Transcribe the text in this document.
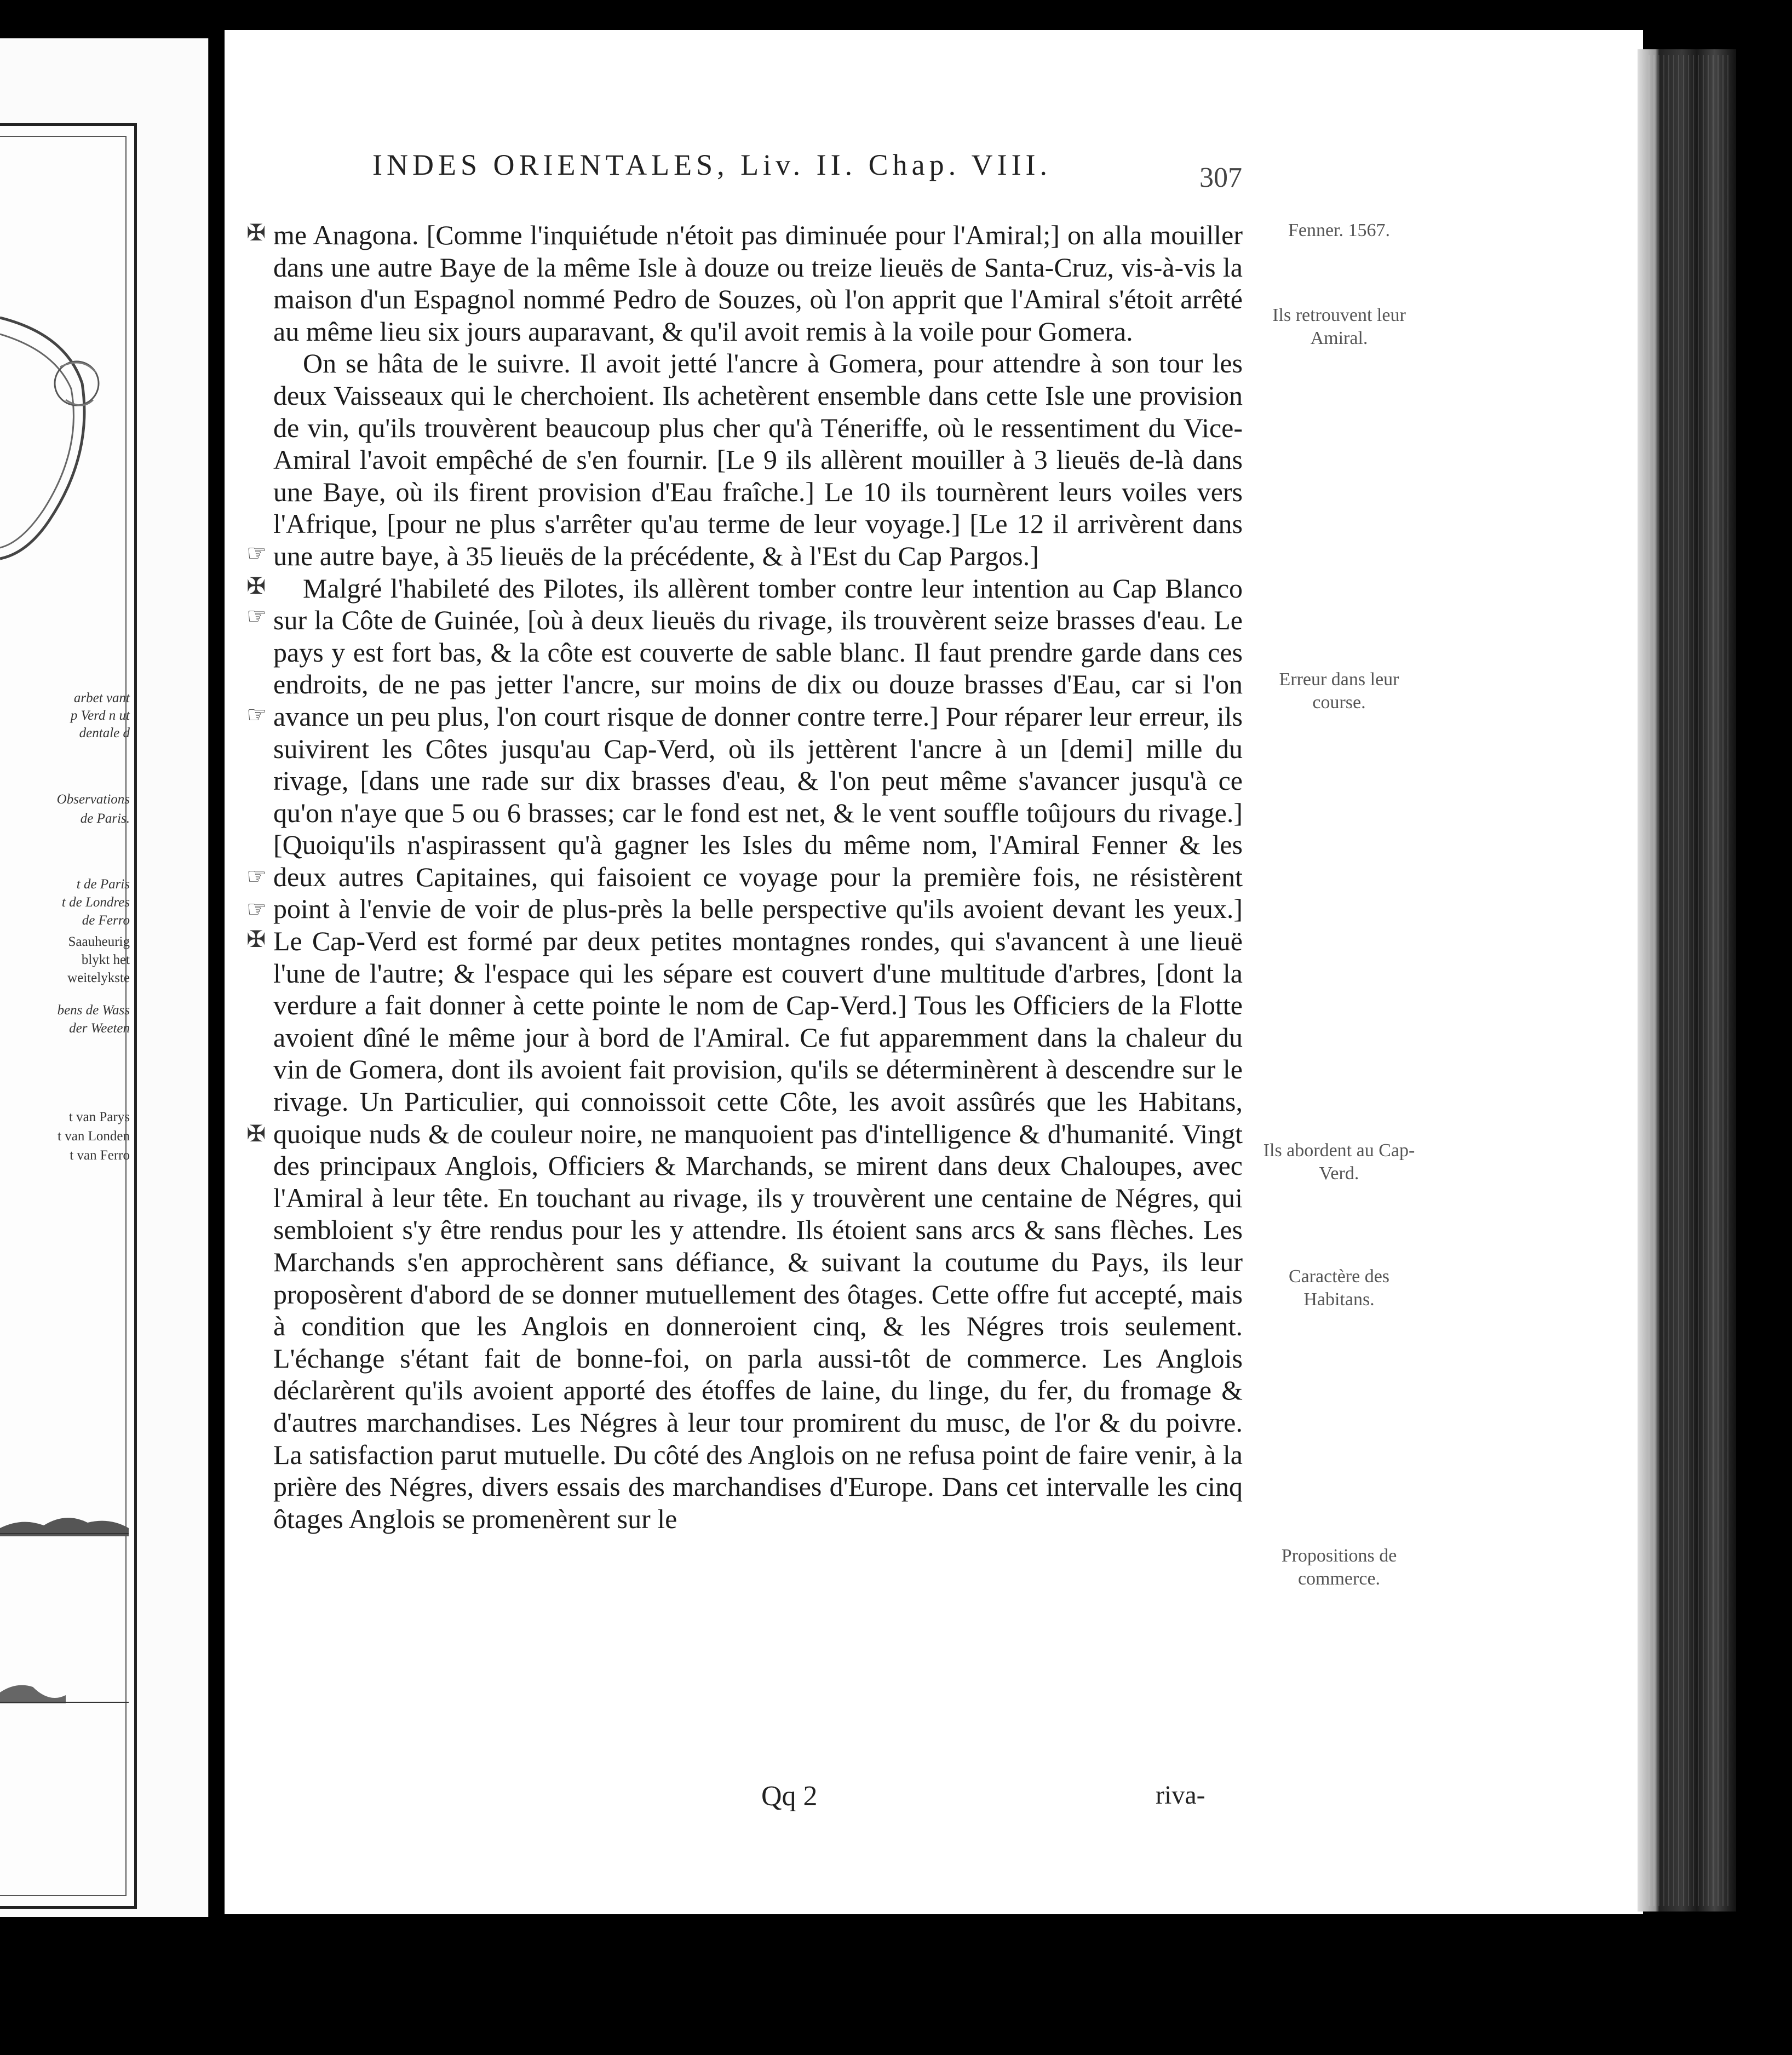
arbet vant
p Verd n ut
dentale d
Observations
de Paris.
t de Paris
t de Londres
de Ferro
Saauheurig
blykt het
weitelykste
bens de Wass
der Weeten
t van Parys
t van Londen
t van Ferro
INDES ORIENTALES, Liv. II. Chap. VIII.	307
✠
☞
✠
☞
☞
☞
☞
✠
✠

me Anagona. [Comme l'inquiétude n'étoit pas diminuée pour l'Amiral;] on alla mouiller dans une autre Baye de la même Isle à douze ou treize lieuës de Santa-Cruz, vis-à-vis la maison d'un Espagnol nommé Pedro de Souzes, où l'on apprit que l'Amiral s'étoit arrêté au même lieu six jours auparavant, & qu'il avoit remis à la voile pour Gomera.

On se hâta de le suivre. Il avoit jetté l'ancre à Gomera, pour attendre à son tour les deux Vaisseaux qui le cherchoient. Ils achetèrent ensemble dans cette Isle une provision de vin, qu'ils trouvèrent beaucoup plus cher qu'à Téneriffe, où le ressentiment du Vice-Amiral l'avoit empêché de s'en fournir. [Le 9 ils allèrent mouiller à 3 lieuës de-là dans une Baye, où ils firent provision d'Eau fraîche.] Le 10 ils tournèrent leurs voiles vers l'Afrique, [pour ne plus s'arrêter qu'au terme de leur voyage.] [Le 12 il arrivèrent dans une autre baye, à 35 lieuës de la précédente, & à l'Est du Cap Pargos.]

Malgré l'habileté des Pilotes, ils allèrent tomber contre leur intention au Cap Blanco sur la Côte de Guinée, [où à deux lieuës du rivage, ils trouvèrent seize brasses d'eau. Le pays y est fort bas, & la côte est couverte de sable blanc. Il faut prendre garde dans ces endroits, de ne pas jetter l'ancre, sur moins de dix ou douze brasses d'Eau, car si l'on avance un peu plus, l'on court risque de donner contre terre.] Pour réparer leur erreur, ils suivirent les Côtes jusqu'au Cap-Verd, où ils jettèrent l'ancre à un [demi] mille du rivage, [dans une rade sur dix brasses d'eau, & l'on peut même s'avancer jusqu'à ce qu'on n'aye que 5 ou 6 brasses; car le fond est net, & le vent souffle toûjours du rivage.] [Quoiqu'ils n'aspirassent qu'à gagner les Isles du même nom, l'Amiral Fenner & les deux autres Capitaines, qui faisoient ce voyage pour la première fois, ne résistèrent point à l'envie de voir de plus-près la belle perspective qu'ils avoient devant les yeux.] Le Cap-Verd est formé par deux petites montagnes rondes, qui s'avancent à une lieuë l'une de l'autre; & l'espace qui les sépare est couvert d'une multitude d'arbres, [dont la verdure a fait donner à cette pointe le nom de Cap-Verd.] Tous les Officiers de la Flotte avoient dîné le même jour à bord de l'Amiral. Ce fut apparemment dans la chaleur du vin de Gomera, dont ils avoient fait provision, qu'ils se déterminèrent à descendre sur le rivage. Un Particulier, qui connoissoit cette Côte, les avoit assûrés que les Habitans, quoique nuds & de couleur noire, ne manquoient pas d'intelligence & d'humanité. Vingt des principaux Anglois, Officiers & Marchands, se mirent dans deux Chaloupes, avec l'Amiral à leur tête. En touchant au rivage, ils y trouvèrent une centaine de Négres, qui sembloient s'y être rendus pour les y attendre. Ils étoient sans arcs & sans flèches. Les Marchands s'en approchèrent sans défiance, & suivant la coutume du Pays, ils leur proposèrent d'abord de se donner mutuellement des ôtages. Cette offre fut accepté, mais à condition que les Anglois en donneroient cinq, & les Négres trois seulement. L'échange s'étant fait de bonne-foi, on parla aussi-tôt de commerce. Les Anglois déclarèrent qu'ils avoient apporté des étoffes de laine, du linge, du fer, du fromage & d'autres marchandises. Les Négres à leur tour promirent du musc, de l'or & du poivre. La satisfaction parut mutuelle. Du côté des Anglois on ne refusa point de faire venir, à la prière des Négres, divers essais des marchandises d'Europe. Dans cet intervalle les cinq ôtages Anglois se promenèrent sur le

Fenner. 1567.
Ils retrouvent leur Amiral.
Erreur dans leur course.
Ils abordent au Cap-Verd.
Caractère des Habitans.
Propositions de commerce.
Qq 2	riva-
